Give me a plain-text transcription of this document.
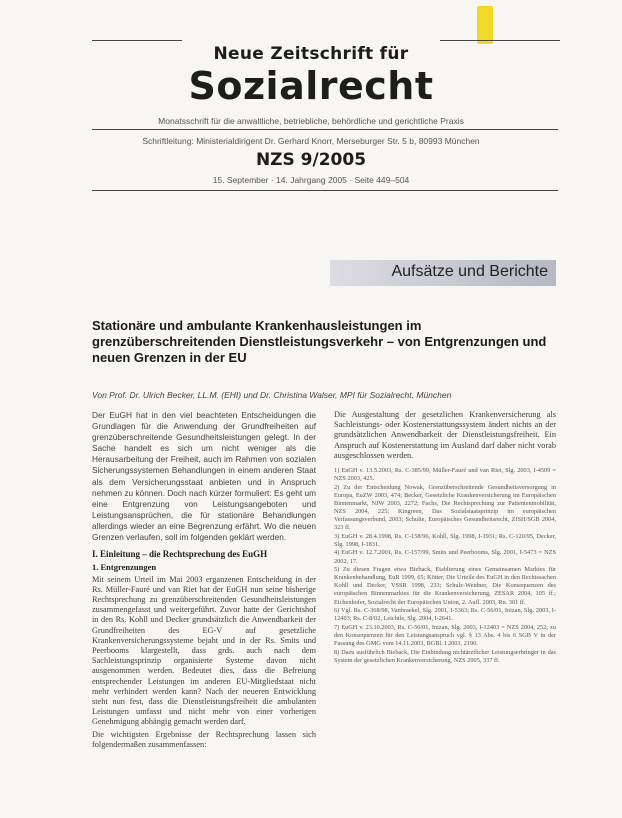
Neue Zeitschrift für
Sozialrecht
Monatsschrift für die anwaltliche, betriebliche, behördliche und gerichtliche Praxis
Schriftleitung: Ministerialdirigent Dr. Gerhard Knorr, Merseburger Str. 5 b, 80993 München
NZS 9/2005
15. September · 14. Jahrgang 2005 · Seite 449–504
Aufsätze und Berichte
Stationäre und ambulante Krankenhausleistungen im grenzüberschreitenden Dienstleistungsverkehr – von Entgrenzungen und neuen Grenzen in der EU
Von Prof. Dr. Ulrich Becker, LL.M. (EHI) und Dr. Christina Walser, MPI für Sozialrecht, München
Der EuGH hat in den viel beachteten Entscheidungen die Grundlagen für die Anwendung der Grundfreiheiten auf grenzüberschreitende Gesundheitsleistungen gelegt. In der Sache handelt es sich um nicht weniger als die Herausarbeitung der Freiheit, auch im Rahmen von sozialen Sicherungssystemen Behandlungen in einem anderen Staat als dem Versicherungsstaat anbieten und in Anspruch nehmen zu können. Doch nach kürzer formuliert: Es geht um eine Entgrenzung von Leistungsangeboten und Leistungsansprüchen, die für stationäre Behandlungen allerdings wieder an eine Begrenzung erfährt. Wo die neuen Grenzen verlaufen, soll im folgenden geklärt werden.
I. Einleitung – die Rechtsprechung des EuGH
1. Entgrenzungen
Mit seinem Urteil im Mai 2003 erganzenen Entscheidung in der Rs. Müller-Fauré und van Riet hat der EuGH nun seine bisherige Rechtsprechung zu grenzüberschreitenden Gesundheitsleistungen zusammengefasst und weitergeführt. Zuvor hatte der Gerichtshof in den Rs. Kohll und Decker grundsätzlich die Anwendbarkeit der Grundfreiheiten des EG-V auf gesetzliche Krankenversicherungssysteme bejaht und in der Rs. Smits und Peerbooms klargestellt, dass grds. auch nach dem Sachleistungsprinzip organisierte Systeme davon nicht ausgenommen werden. Bedeutet dies, dass die Befreiung entsprechender Leistungen im anderen EU-Mitgliedstaat nicht mehr verhindert werden kann? Nach der neueren Entwicklung steht nun fest, dass die Dienstleistungsfreiheit die ambulanten Leistungen umfasst und nicht mehr von einer vorherigen Genehmigung abhängig gemacht werden darf.
Die wichtigsten Ergebnisse der Rechtsprechung lassen sich folgendermaßen zusammenfassen:
Die Ausgestaltung der gesetzlichen Krankenversicherung als Sachleistungs- oder Kostenerstattungssystem ändert nichts an der grundsätzlichen Anwendbarkeit der Dienstleistungsfreiheit. Ein Anspruch auf Kostenerstattung im Ausland darf daher nicht vorab ausgeschlossen werden.
1) EuGH v. 13.5.2003, Rs. C-385/99, Müller-Fauré und van Riet, Slg. 2003, I-4509 = NZS 2003, 425.
2) Zu der Entscheidung Nowak, Grenzüberschreitende Gesundheitsversorgung in Europa, EuZW 2003, 474; Becker, Gesetzliche Krankenversicherung im Europäischen Binnenmarkt, NJW 2003, 2272; Fuchs, Die Rechtsprechung zur Patientenmobilität, NZS 2004, 225; Kingreen, Das Sozialstaatsprinzip im europäischen Verfassungsverbund, 2003; Schulte, Europäisches Gesundheitsrecht, ZfSH/SGB 2004, 323 ff.
3) EuGH v. 28.4.1998, Rs. C-158/96, Kohll, Slg. 1998, I-1931; Rs. C-120/95, Decker, Slg. 1998, I-1831.
4) EuGH v. 12.7.2001, Rs. C-157/99, Smits und Peerbooms, Slg. 2001, I-5473 = NZS 2002, 17.
5) Zu diesen Fragen etwa Bieback, Etablierung eines Gemeinsamen Marktes für Krankenbehandlung, EuR 1999, 65; Kötter, Die Urteile des EuGH in den Rechtssachen Kohll und Decker, VSSR 1998, 233; Schulz-Weidner, Die Konsequenzen des europäischen Binnenmarktes für die Krankenversicherung, ZESAR 2004, 105 ff.; Eichenhofer, Sozialrecht der Europäischen Union, 2. Aufl. 2003, Rn. 301 ff.
6) Vgl. Rs. C-368/98, Vanbraekel, Slg. 2001, I-5363; Rs. C-56/01, Inizan, Slg. 2003, I-12403; Rs. C-8/02, Leichtle, Slg. 2004, I-2641.
7) EuGH v. 23.10.2003, Rs. C-56/01, Inizan, Slg. 2003, I-12403 = NZS 2004, 252; zu den Konsequenzen für den Leistungsanspruch vgl. § 13 Abs. 4 bis 6 SGB V in der Fassung des GMG vom 14.11.2003, BGBl. I 2003, 2190.
8) Dazu ausführlich Bieback, Die Einbindung nichtärztlicher Leistungserbringer in das System der gesetzlichen Krankenversicherung, NZS 2005, 337 ff.
